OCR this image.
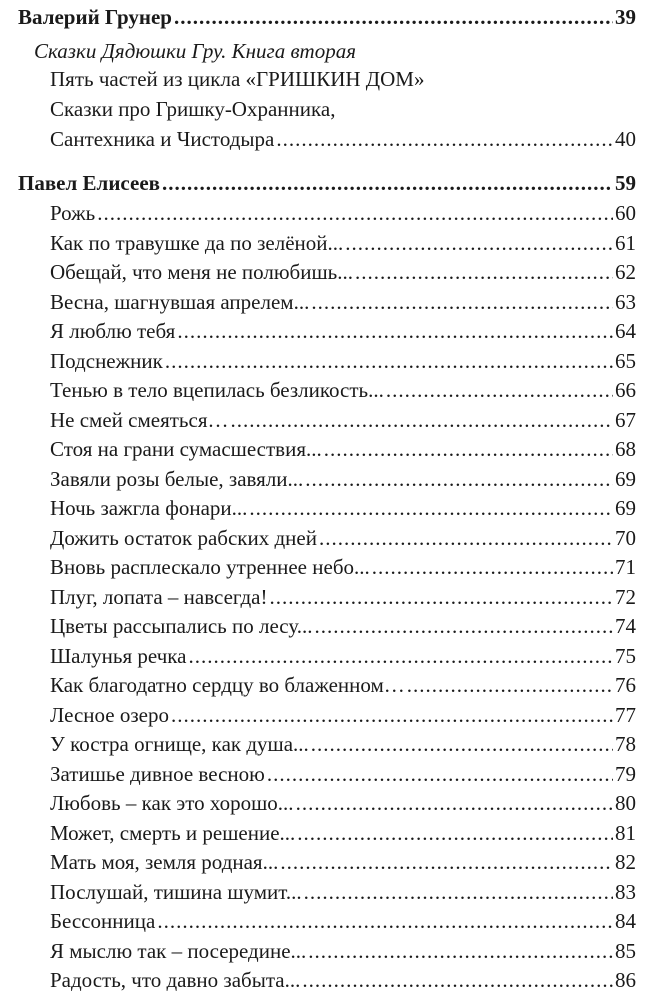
Валерий Грунер .....	39
Сказки Дядюшки Гру. Книга вторая
Пять частей из цикла «ГРИШКИН ДОМ»
Сказки про Гришку-Охранника,
Сантехника и Чистодыра .....	40
Павел Елисеев .....	59
Рожь .....	60
Как по травушке да по зелёной... .....	61
Обещай, что меня не полюбишь... .....	62
Весна, шагнувшая апрелем... .....	63
Я люблю тебя .....	64
Подснежник .....	65
Тенью в тело вцепилась безликость... .....	66
Не смей смеяться… .....	67
Стоя на грани сумасшествия... .....	68
Завяли розы белые, завяли... .....	69
Ночь зажгла фонари... .....	69
Дожить остаток рабских дней .....	70
Вновь расплескало утреннее небо... .....	71
Плуг, лопата – навсегда! .....	72
Цветы рассыпались по лесу... .....	74
Шалунья речка .....	75
Как благодатно сердцу во блаженном… .....	76
Лесное озеро .....	77
У костра огнище, как душа... .....	78
Затишье дивное весною .....	79
Любовь – как это хорошо... .....	80
Может, смерть и решение... .....	81
Мать моя, земля родная... .....	82
Послушай, тишина шумит... .....	83
Бессонница .....	84
Я мыслю так – посередине... .....	85
Радость, что давно забыта... .....	86
